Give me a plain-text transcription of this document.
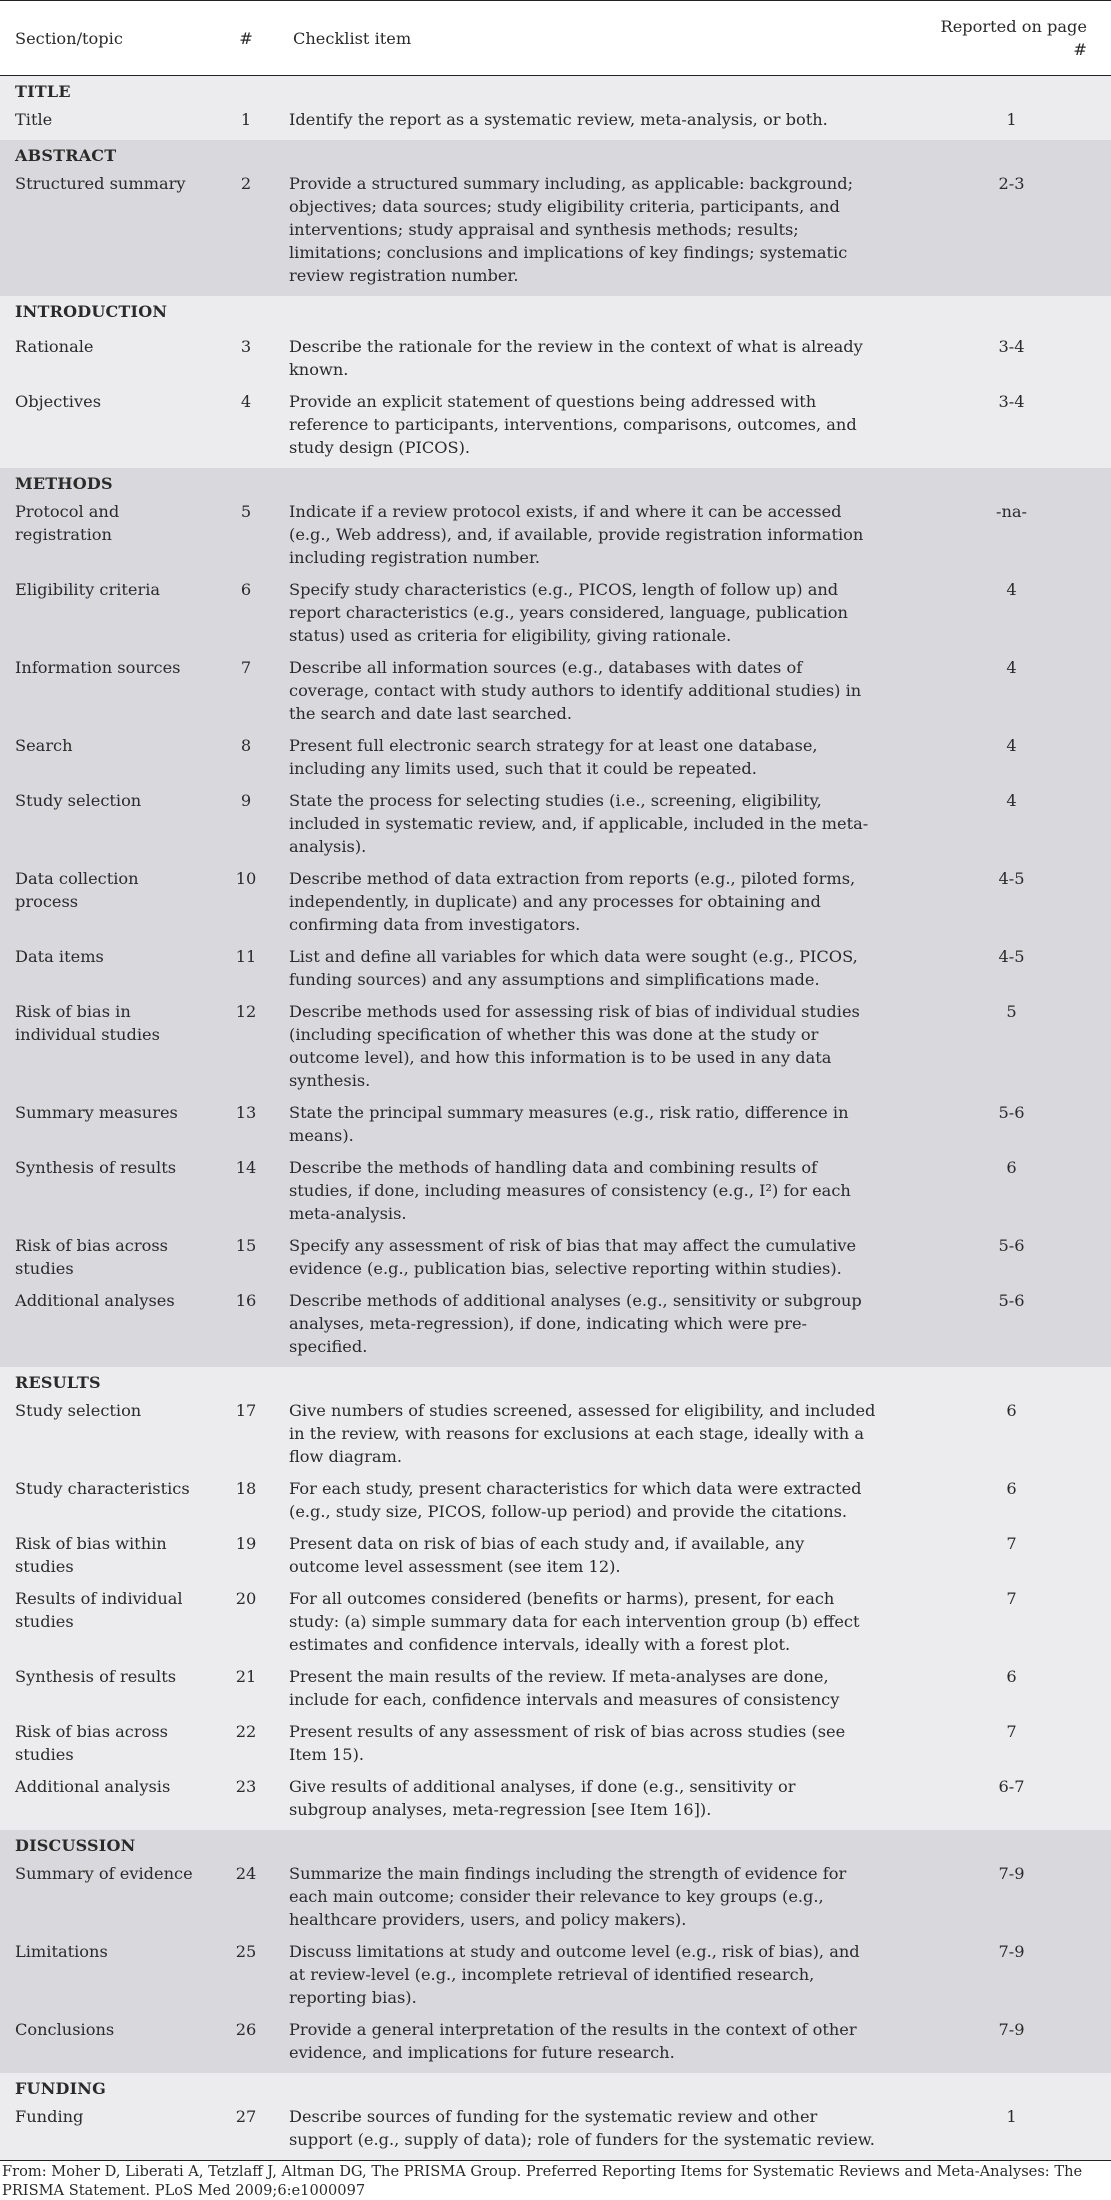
Section/topic	#	Checklist item	Reported on page #
TITLE			
Title	1	Identify the report as a systematic review, meta-analysis, or both.	1
ABSTRACT			
Structured summary	2	Provide a structured summary including, as applicable: background; objectives; data sources; study eligibility criteria, participants, and interventions; study appraisal and synthesis methods; results; limitations; conclusions and implications of key findings; systematic review registration number.	2-3
INTRODUCTION			
Rationale	3	Describe the rationale for the review in the context of what is already known.	3-4
Objectives	4	Provide an explicit statement of questions being addressed with reference to participants, interventions, comparisons, outcomes, and study design (PICOS).	3-4
METHODS			
Protocol and registration	5	Indicate if a review protocol exists, if and where it can be accessed (e.g., Web address), and, if available, provide registration information including registration number.	-na-
Eligibility criteria	6	Specify study characteristics (e.g., PICOS, length of follow up) and report characteristics (e.g., years considered, language, publication status) used as criteria for eligibility, giving rationale.	4
Information sources	7	Describe all information sources (e.g., databases with dates of coverage, contact with study authors to identify additional studies) in the search and date last searched.	4
Search	8	Present full electronic search strategy for at least one database, including any limits used, such that it could be repeated.	4
Study selection	9	State the process for selecting studies (i.e., screening, eligibility, included in systematic review, and, if applicable, included in the meta-analysis).	4
Data collection process	10	Describe method of data extraction from reports (e.g., piloted forms, independently, in duplicate) and any processes for obtaining and confirming data from investigators.	4-5
Data items	11	List and define all variables for which data were sought (e.g., PICOS, funding sources) and any assumptions and simplifications made.	4-5
Risk of bias in individual studies	12	Describe methods used for assessing risk of bias of individual studies (including specification of whether this was done at the study or outcome level), and how this information is to be used in any data synthesis.	5
Summary measures	13	State the principal summary measures (e.g., risk ratio, difference in means).	5-6
Synthesis of results	14	Describe the methods of handling data and combining results of studies, if done, including measures of consistency (e.g., I²) for each meta-analysis.	6
Risk of bias across studies	15	Specify any assessment of risk of bias that may affect the cumulative evidence (e.g., publication bias, selective reporting within studies).	5-6
Additional analyses	16	Describe methods of additional analyses (e.g., sensitivity or subgroup analyses, meta-regression), if done, indicating which were pre-specified.	5-6
RESULTS			
Study selection	17	Give numbers of studies screened, assessed for eligibility, and included in the review, with reasons for exclusions at each stage, ideally with a flow diagram.	6
Study characteristics	18	For each study, present characteristics for which data were extracted (e.g., study size, PICOS, follow-up period) and provide the citations.	6
Risk of bias within studies	19	Present data on risk of bias of each study and, if available, any outcome level assessment (see item 12).	7
Results of individual studies	20	For all outcomes considered (benefits or harms), present, for each study: (a) simple summary data for each intervention group (b) effect estimates and confidence intervals, ideally with a forest plot.	7
Synthesis of results	21	Present the main results of the review. If meta-analyses are done, include for each, confidence intervals and measures of consistency	6
Risk of bias across studies	22	Present results of any assessment of risk of bias across studies (see Item 15).	7
Additional analysis	23	Give results of additional analyses, if done (e.g., sensitivity or subgroup analyses, meta-regression [see Item 16]).	6-7
DISCUSSION			
Summary of evidence	24	Summarize the main findings including the strength of evidence for each main outcome; consider their relevance to key groups (e.g., healthcare providers, users, and policy makers).	7-9
Limitations	25	Discuss limitations at study and outcome level (e.g., risk of bias), and at review-level (e.g., incomplete retrieval of identified research, reporting bias).	7-9
Conclusions	26	Provide a general interpretation of the results in the context of other evidence, and implications for future research.	7-9
FUNDING			
Funding	27	Describe sources of funding for the systematic review and other support (e.g., supply of data); role of funders for the systematic review.	1
From: Moher D, Liberati A, Tetzlaff J, Altman DG, The PRISMA Group. Preferred Reporting Items for Systematic Reviews and Meta-Analyses: The PRISMA Statement. PLoS Med 2009;6:e1000097
